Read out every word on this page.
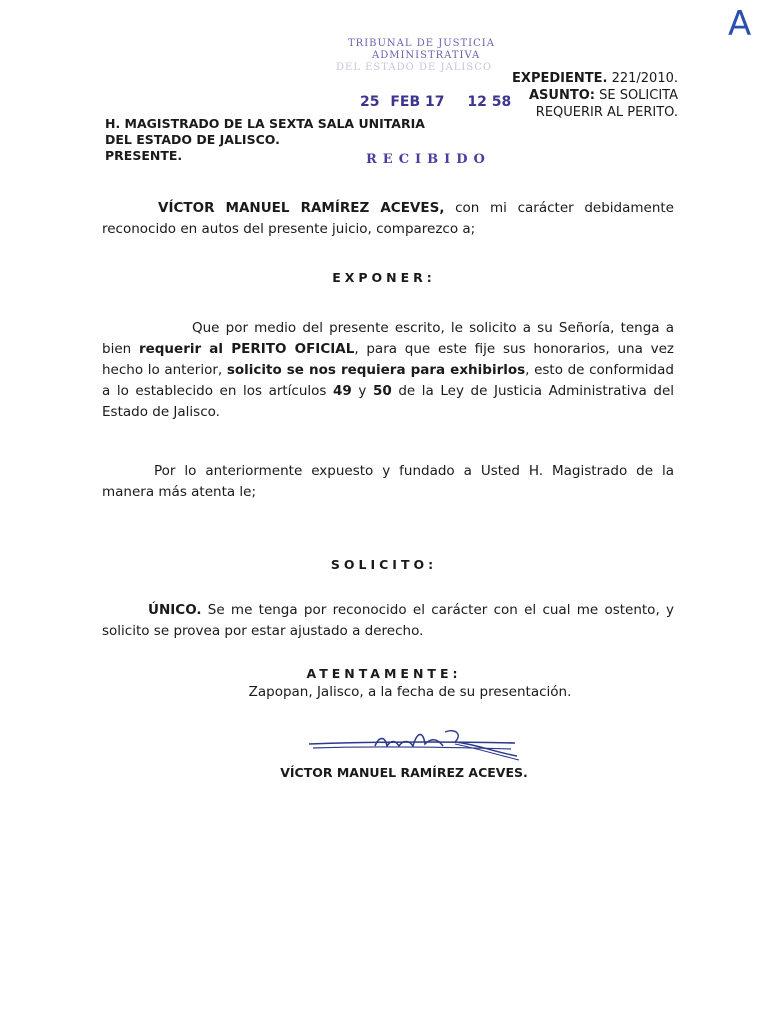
A
TRIBUNAL DE JUSTICIA
ADMINISTRATIVA
DEL ESTADO DE JALISCO
25 FEB 17 12 58
RECIBIDO
EXPEDIENTE. 221/2010.
ASUNTO: SE SOLICITA
REQUERIR AL PERITO.
H. MAGISTRADO DE LA SEXTA SALA UNITARIA
DEL ESTADO DE JALISCO.
PRESENTE.
VÍCTOR MANUEL RAMÍREZ ACEVES, con mi carácter debidamente reconocido en autos del presente juicio, comparezco a;
EXPONER:
Que por medio del presente escrito, le solicito a su Señoría, tenga a bien requerir al PERITO OFICIAL, para que este fije sus honorarios, una vez hecho lo anterior, solicito se nos requiera para exhibirlos, esto de conformidad a lo establecido en los artículos 49 y 50 de la Ley de Justicia Administrativa del Estado de Jalisco.
Por lo anteriormente expuesto y fundado a Usted H. Magistrado de la manera más atenta le;
SOLICITO:
ÚNICO. Se me tenga por reconocido el carácter con el cual me ostento, y solicito se provea por estar ajustado a derecho.
ATENTAMENTE:
Zapopan, Jalisco, a la fecha de su presentación.
VÍCTOR MANUEL RAMÍREZ ACEVES.
